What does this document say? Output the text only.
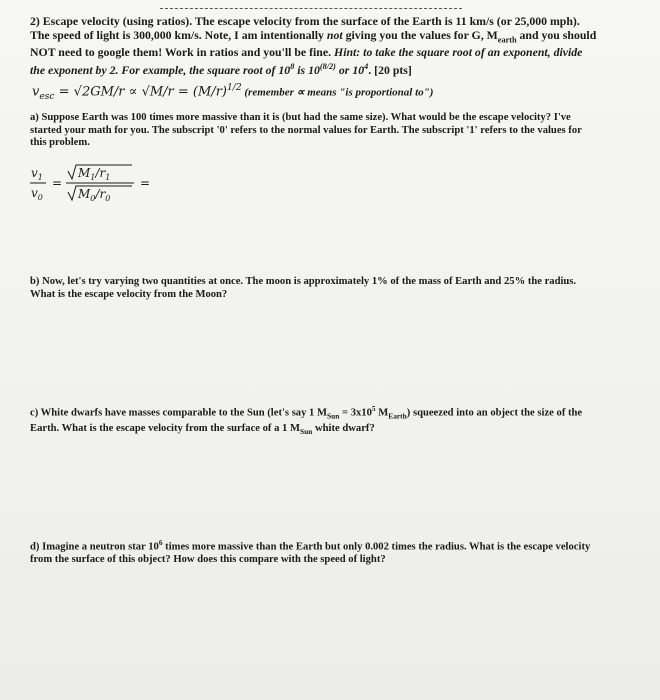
2) Escape velocity (using ratios). The escape velocity from the surface of the Earth is 11 km/s (or 25,000 mph).
The speed of light is 300,000 km/s. Note, I am intentionally not giving you the values for G, $M_{earth}$ and you should
NOT need to google them! Work in ratios and you'll be fine. Hint: to take the square root of an exponent, divide
the exponent by 2. For example, the square root of $10^8$ is $10^{(8/2)}$ or $10^4$. [20 pts]
$v_{esc} = √2GM/r \propto √M/r = (M/r)^{1/2}$ (remember ∝ means "is proportional to")
a) Suppose Earth was 100 times more massive than it is (but had the same size). What would be the escape velocity? I've
started your math for you. The subscript '0' refers to the normal values for Earth. The subscript '1' refers to the values for
this problem.
$v_1$
$v_0$
=
$M_1/r_1$
$M_0/r_0$
=
b) Now, let's try varying two quantities at once. The moon is approximately 1% of the mass of Earth and 25% the radius.
What is the escape velocity from the Moon?
c) White dwarfs have masses comparable to the Sun (let's say 1 $M_{Sun} = 3x10^5$ $M_{Earth}$) squeezed into an object the size of the
Earth. What is the escape velocity from the surface of a 1 $M_{Sun}$ white dwarf?
d) Imagine a neutron star $10^6$ times more massive than the Earth but only 0.002 times the radius. What is the escape velocity
from the surface of this object? How does this compare with the speed of light?
